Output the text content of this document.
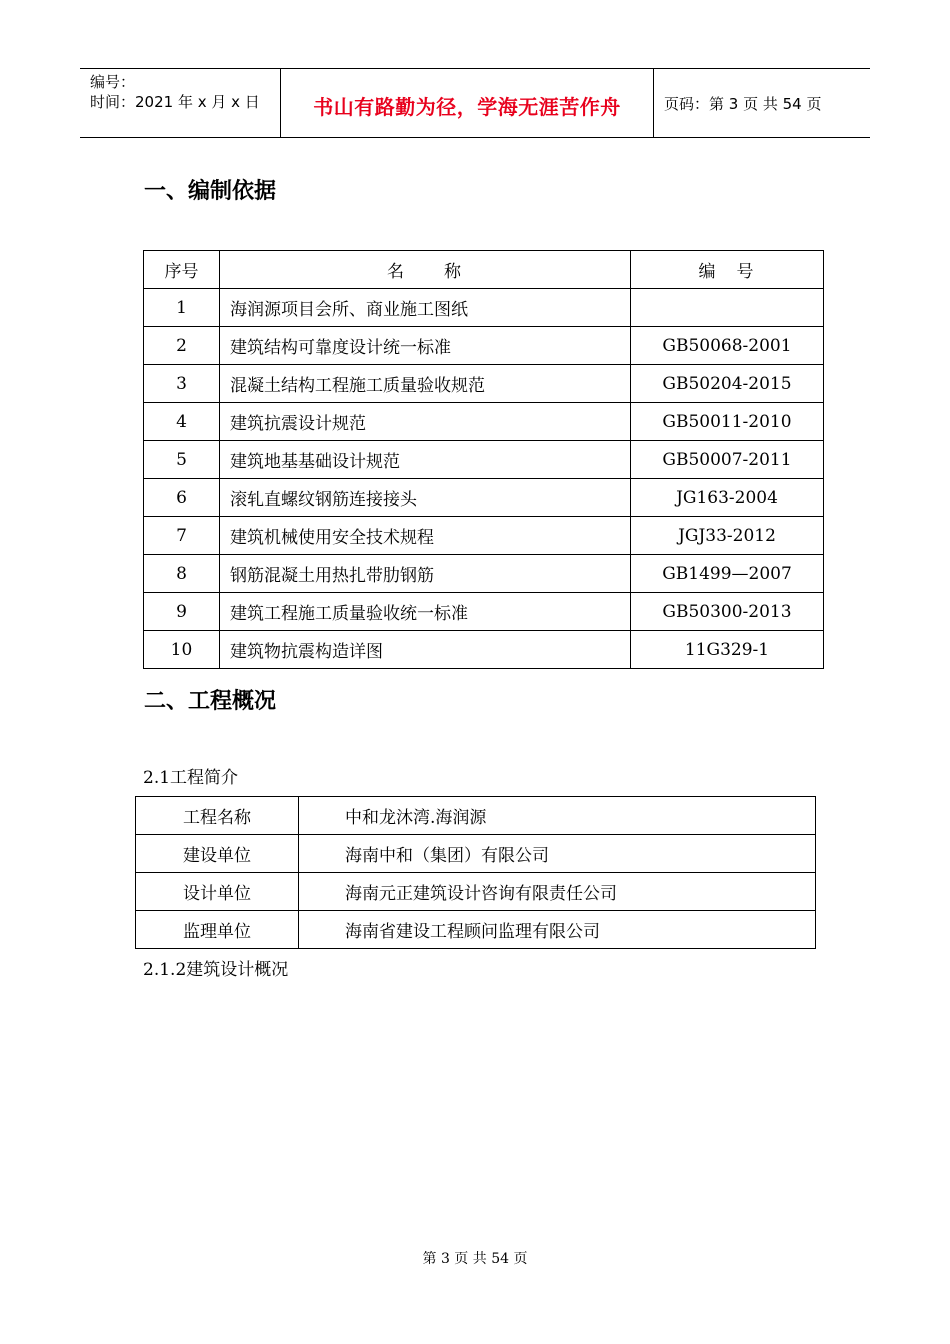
编号：
时间：2021 年 x 月 x 日	书山有路勤为径，学海无涯苦作舟	页码：第 3 页 共 54 页
一、编制依据
序号	名　　称	编　号
1	海润源项目会所、商业施工图纸	
2	建筑结构可靠度设计统一标准	GB50068-2001
3	混凝土结构工程施工质量验收规范	GB50204-2015
4	建筑抗震设计规范	GB50011-2010
5	建筑地基基础设计规范	GB50007-2011
6	滚轧直螺纹钢筋连接接头	JG163-2004
7	建筑机械使用安全技术规程	JGJ33-2012
8	钢筋混凝土用热扎带肋钢筋	GB1499—2007
9	建筑工程施工质量验收统一标准	GB50300-2013
10	建筑物抗震构造详图	11G329-1
二、工程概况
2.1工程简介
工程名称	中和龙沐湾.海润源
建设单位	海南中和（集团）有限公司
设计单位	海南元正建筑设计咨询有限责任公司
监理单位	海南省建设工程顾问监理有限公司
2.1.2建筑设计概况
第 3 页 共 54 页
